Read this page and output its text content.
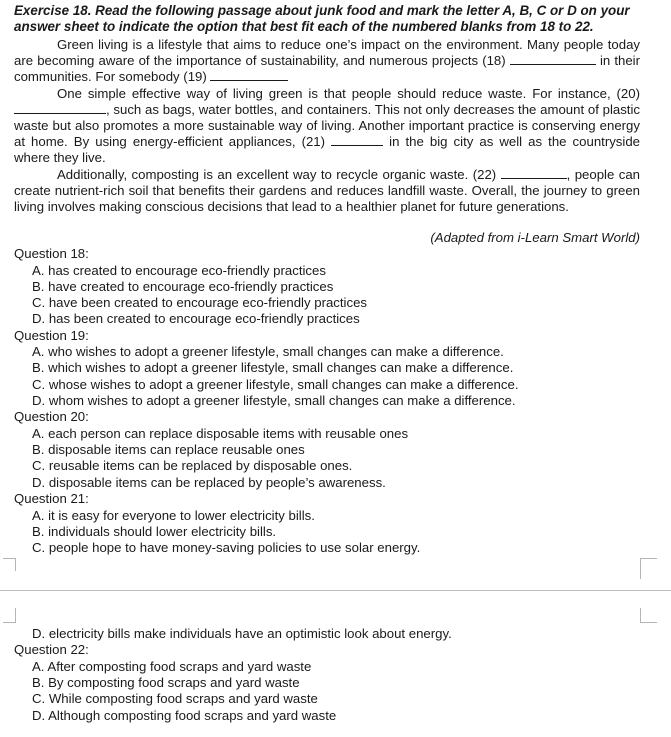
Exercise 18. Read the following passage about junk food and mark the letter A, B, C or D on your answer sheet to indicate the option that best fit each of the numbered blanks from 18 to 22.

Green living is a lifestyle that aims to reduce one’s impact on the environment. Many people today are becoming aware of the importance of sustainability, and numerous projects (18)	in their communities. For somebody (19)

One simple effective way of living green is that people should reduce waste. For instance, (20) , such as bags, water bottles, and containers. This not only decreases the amount of plastic waste but also promotes a more sustainable way of living. Another important practice is conserving energy at home. By using energy-efficient appliances, (21)	in the big city as well as the countryside where they live.

Additionally, composting is an excellent way to recycle organic waste. (22)	, people can create nutrient-rich soil that benefits their gardens and reduces landfill waste. Overall, the journey to green living involves making conscious decisions that lead to a healthier planet for future generations.

(Adapted from i-Learn Smart World)

Question 18:

A. has created to encourage eco-friendly practices

B. have created to encourage eco-friendly practices

C. have been created to encourage eco-friendly practices

D. has been created to encourage eco-friendly practices

Question 19:

A. who wishes to adopt a greener lifestyle, small changes can make a difference.

B. which wishes to adopt a greener lifestyle, small changes can make a difference.

C. whose wishes to adopt a greener lifestyle, small changes can make a difference.

D. whom wishes to adopt a greener lifestyle, small changes can make a difference.

Question 20:

A. each person can replace disposable items with reusable ones

B. disposable items can replace reusable ones

C. reusable items can be replaced by disposable ones.

D. disposable items can be replaced by people’s awareness.

Question 21:

A. it is easy for everyone to lower electricity bills.

B. individuals should lower electricity bills.

C. people hope to have money-saving policies to use solar energy.

D. electricity bills make individuals have an optimistic look about energy.

Question 22:

A. After composting food scraps and yard waste

B. By composting food scraps and yard waste

C. While composting food scraps and yard waste

D. Although composting food scraps and yard waste
